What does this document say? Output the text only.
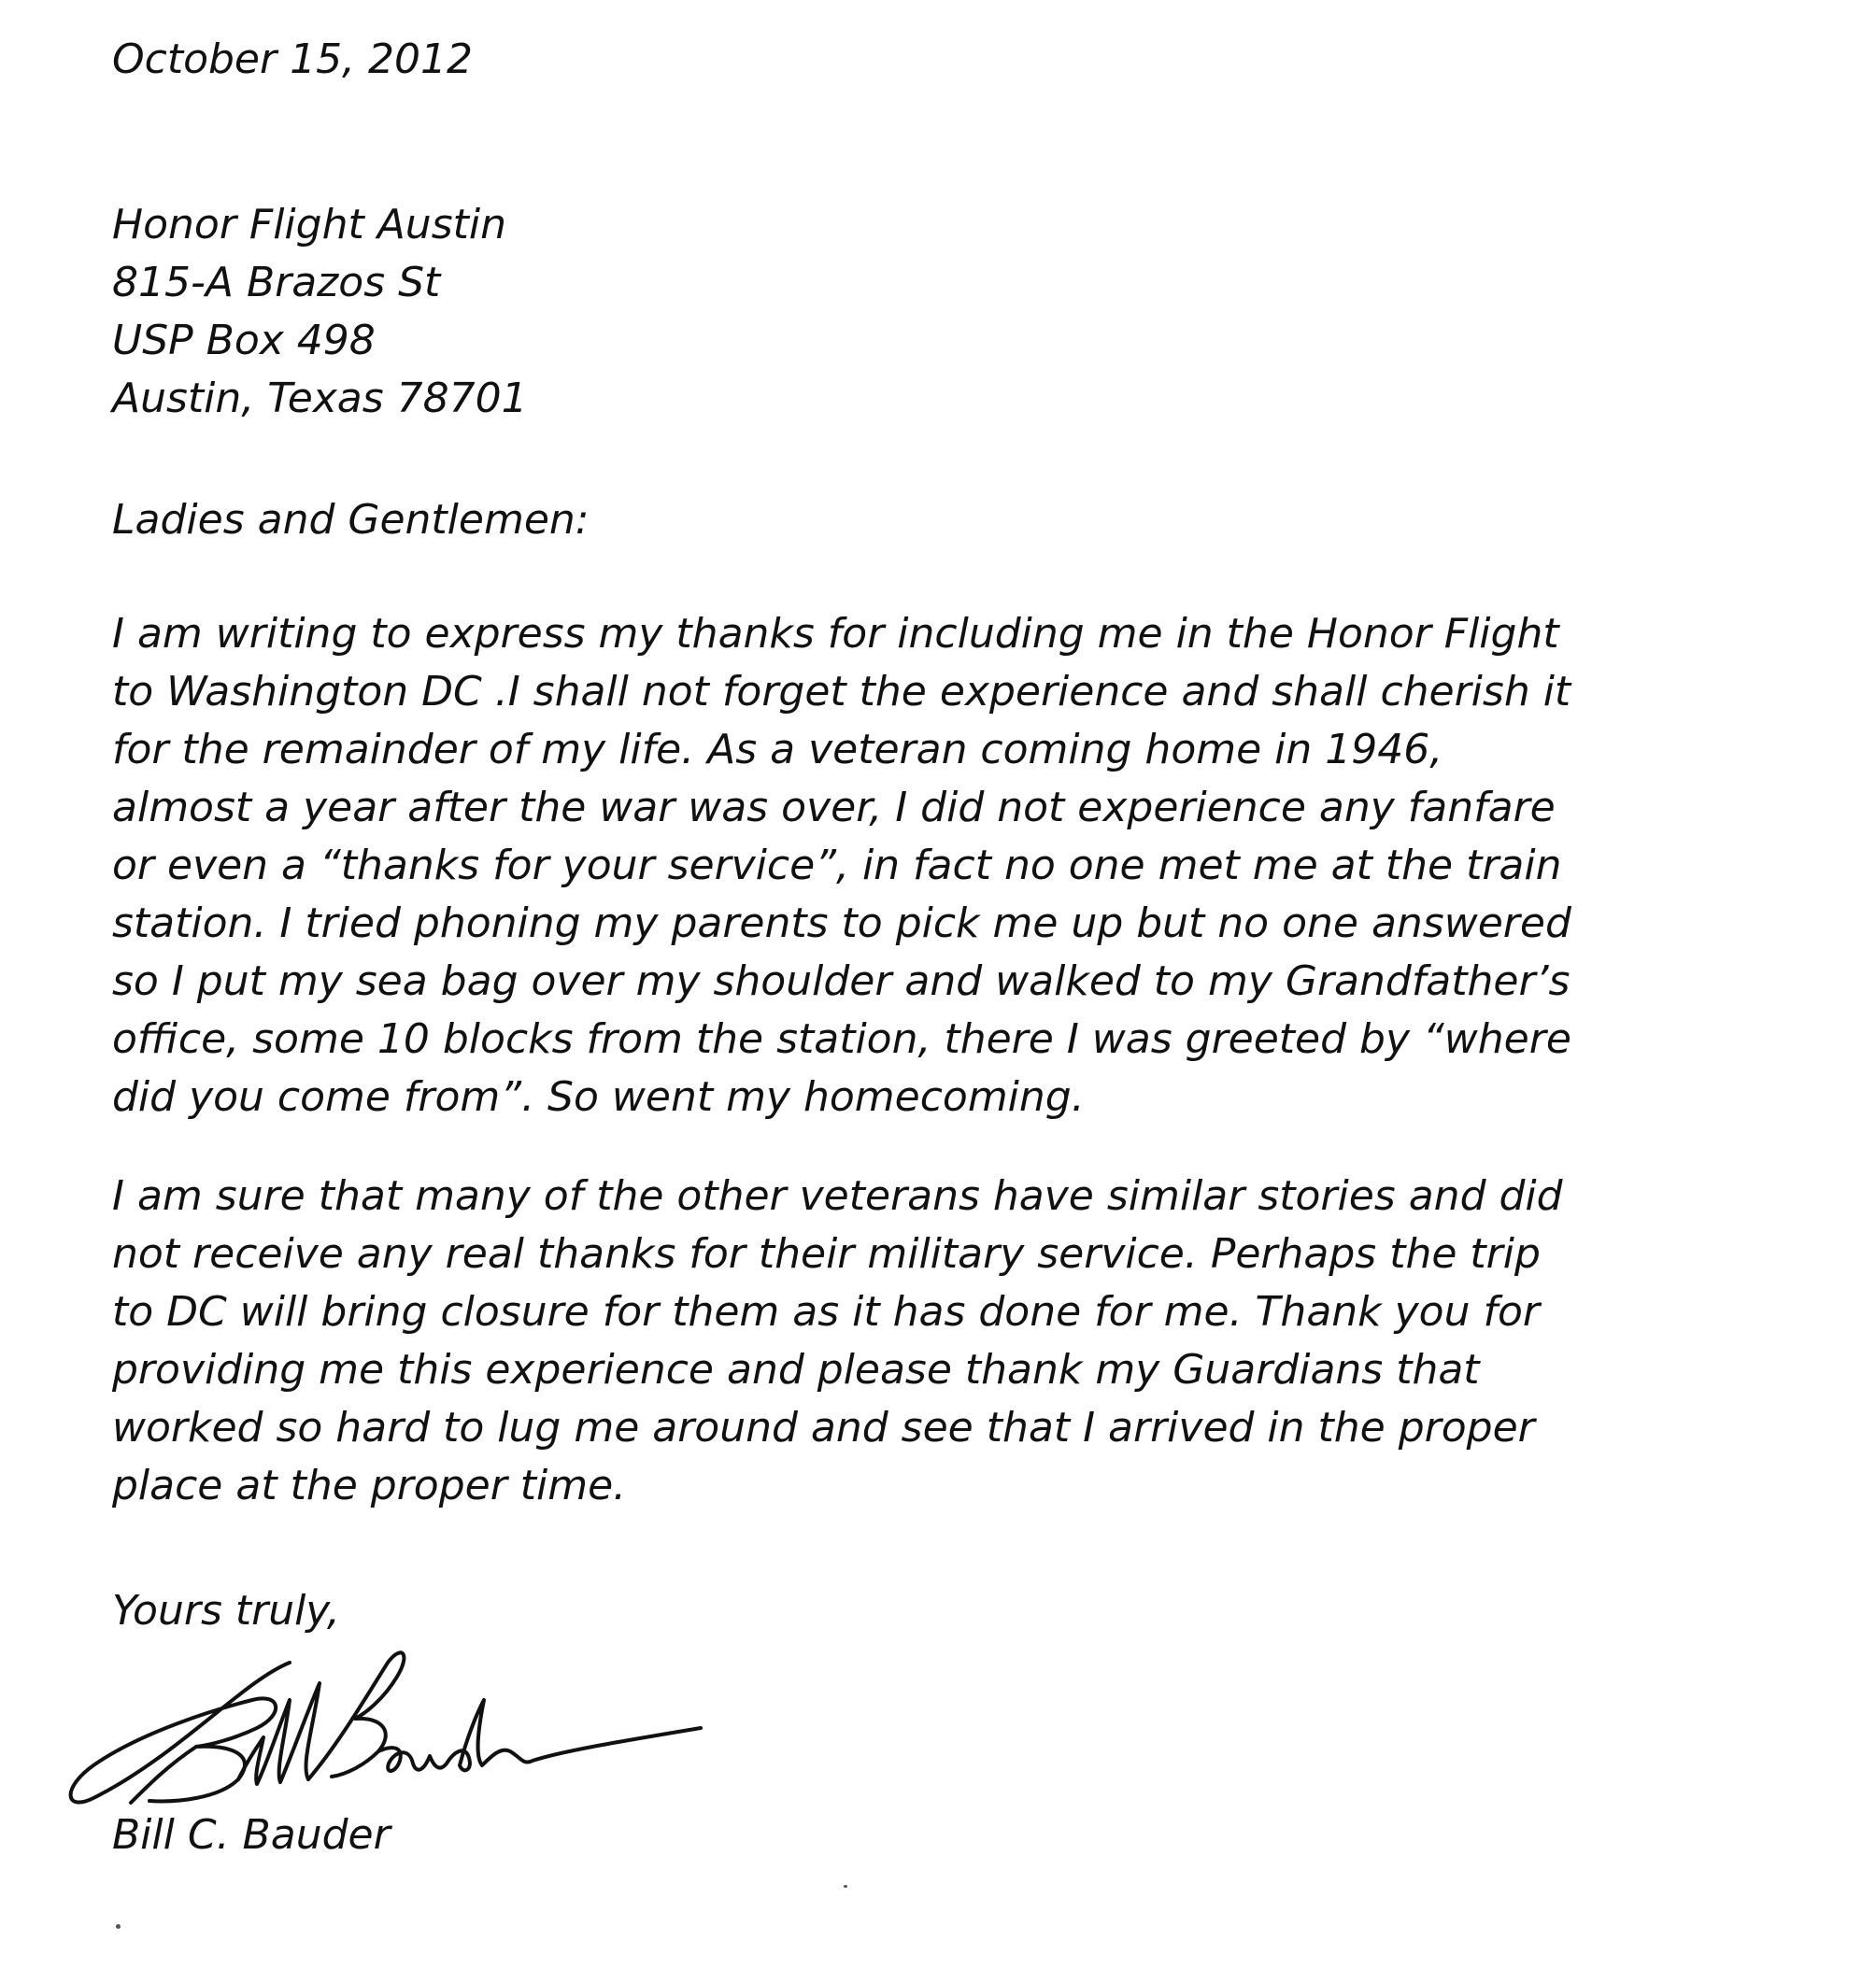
October 15, 2012
Honor Flight Austin
815-A Brazos St
USP Box 498
Austin, Texas 78701
Ladies and Gentlemen:
I am writing to express my thanks for including me in the Honor Flight
to Washington DC .I shall not forget the experience and shall cherish it
for the remainder of my life. As a veteran coming home in 1946,
almost a year after the war was over, I did not experience any fanfare
or even a “thanks for your service”, in fact no one met me at the train
station. I tried phoning my parents to pick me up but no one answered
so I put my sea bag over my shoulder and walked to my Grandfather’s
office, some 10 blocks from the station, there I was greeted by “where
did you come from”. So went my homecoming.
I am sure that many of the other veterans have similar stories and did
not receive any real thanks for their military service. Perhaps the trip
to DC will bring closure for them as it has done for me. Thank you for
providing me this experience and please thank my Guardians that
worked so hard to lug me around and see that I arrived in the proper
place at the proper time.
Yours truly,
Bill C. Bauder
